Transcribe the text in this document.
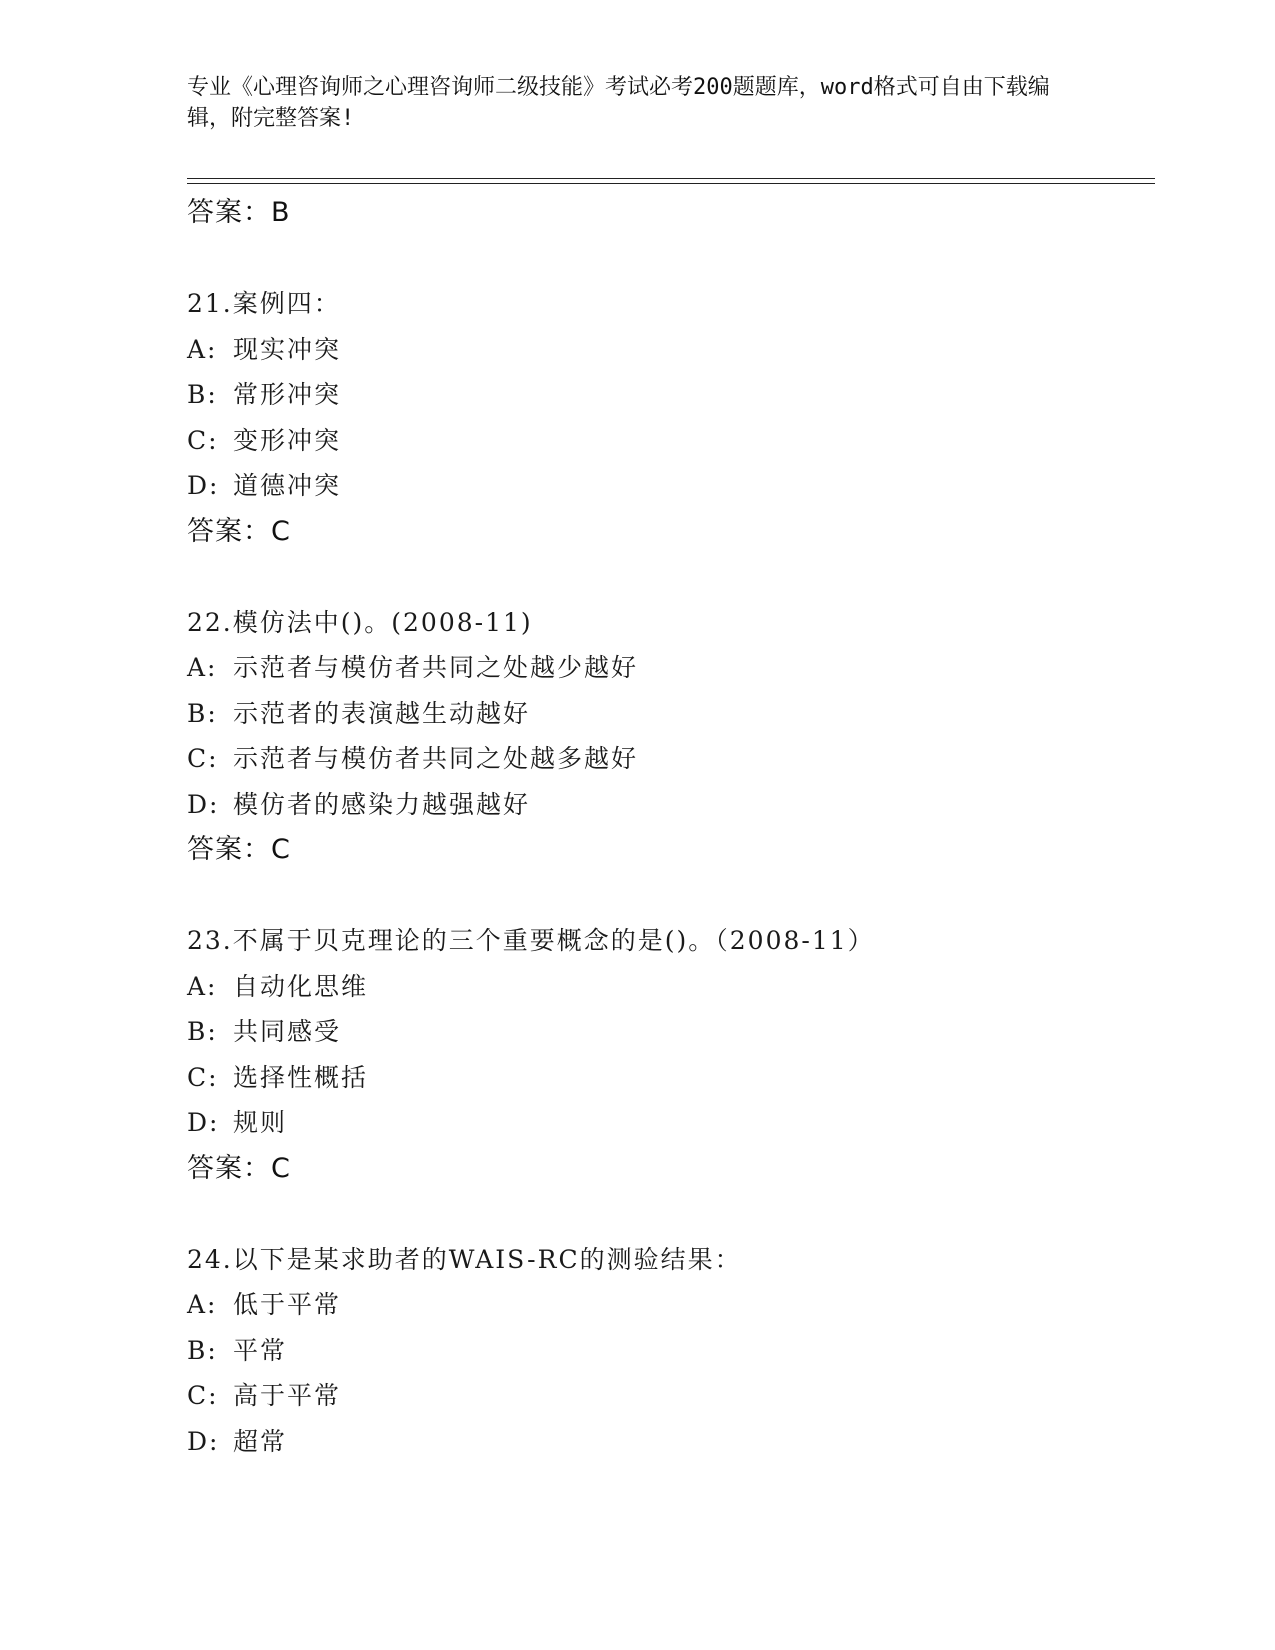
专业《心理咨询师之心理咨询师二级技能》考试必考200题题库，word格式可自由下载编辑，附完整答案!
答案：B
21.案例四：
A: 现实冲突
B: 常形冲突
C: 变形冲突
D: 道德冲突
答案：C
22.模仿法中()。(2008-11)
A: 示范者与模仿者共同之处越少越好
B: 示范者的表演越生动越好
C: 示范者与模仿者共同之处越多越好
D: 模仿者的感染力越强越好
答案：C
23.不属于贝克理论的三个重要概念的是()。（2008-11）
A: 自动化思维
B: 共同感受
C: 选择性概括
D: 规则
答案：C
24.以下是某求助者的WAIS-RC的测验结果：
A: 低于平常
B: 平常
C: 高于平常
D: 超常
